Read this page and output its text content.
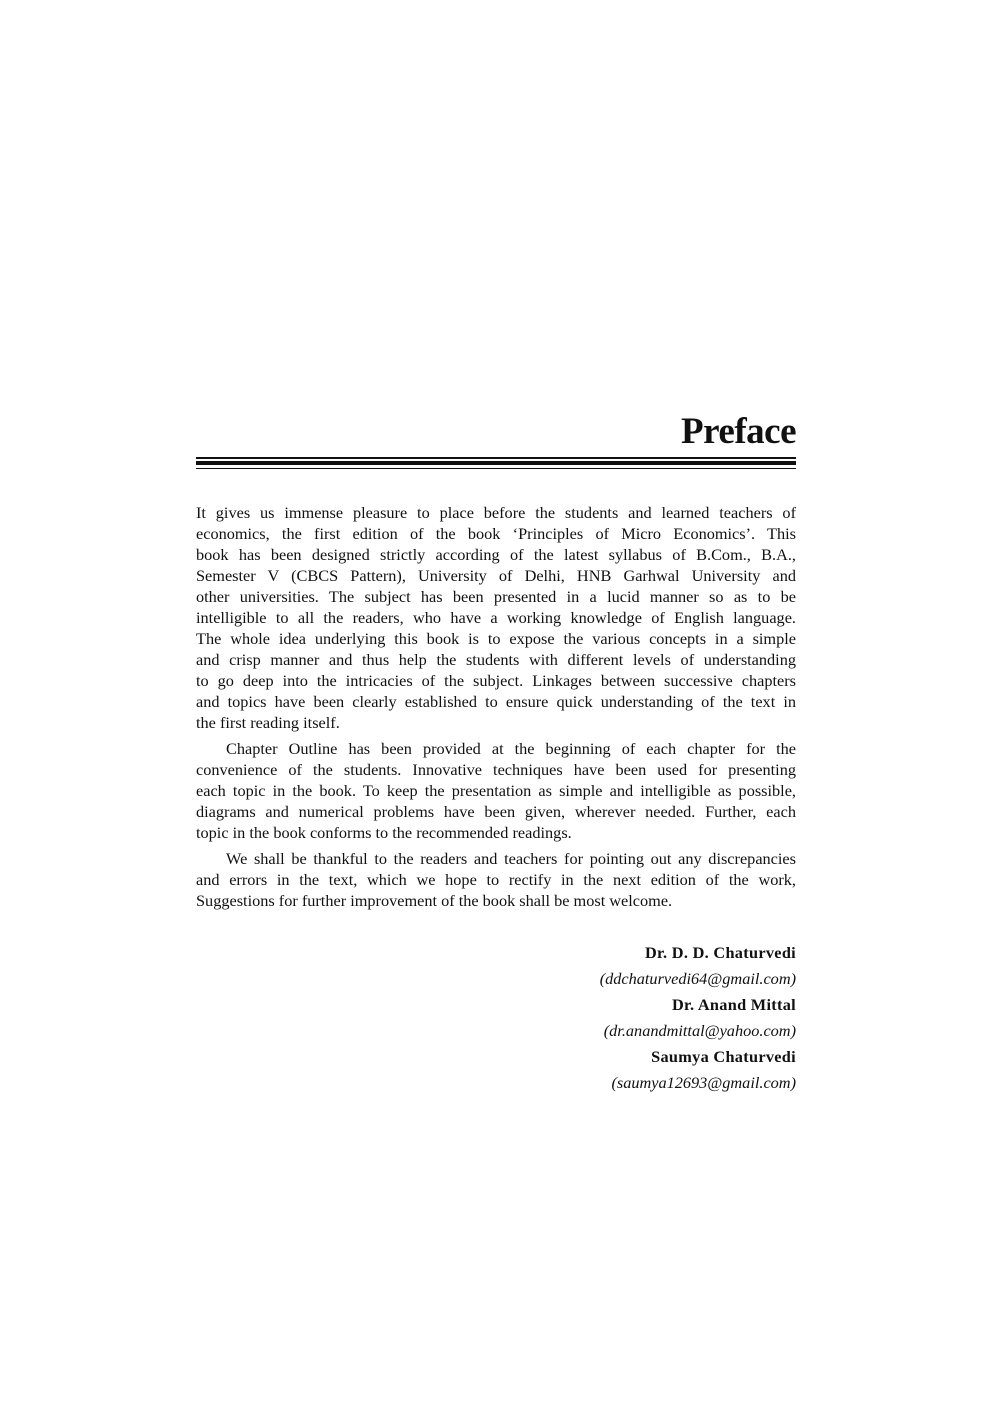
Preface
It gives us immense pleasure to place before the students and learned teachers of
economics, the first edition of the book ‘Principles of Micro Economics’. This
book has been designed strictly according of the latest syllabus of B.Com., B.A.,
Semester V (CBCS Pattern), University of Delhi, HNB Garhwal University and
other universities. The subject has been presented in a lucid manner so as to be
intelligible to all the readers, who have a working knowledge of English language.
The whole idea underlying this book is to expose the various concepts in a simple
and crisp manner and thus help the students with different levels of understanding
to go deep into the intricacies of the subject. Linkages between successive chapters
and topics have been clearly established to ensure quick understanding of the text in
the first reading itself.
Chapter Outline has been provided at the beginning of each chapter for the
convenience of the students. Innovative techniques have been used for presenting
each topic in the book. To keep the presentation as simple and intelligible as possible,
diagrams and numerical problems have been given, wherever needed. Further, each
topic in the book conforms to the recommended readings.
We shall be thankful to the readers and teachers for pointing out any discrepancies
and errors in the text, which we hope to rectify in the next edition of the work,
Suggestions for further improvement of the book shall be most welcome.
Dr. D. D. Chaturvedi
(ddchaturvedi64@gmail.com)
Dr. Anand Mittal
(dr.anandmittal@yahoo.com)
Saumya Chaturvedi
(saumya12693@gmail.com)
